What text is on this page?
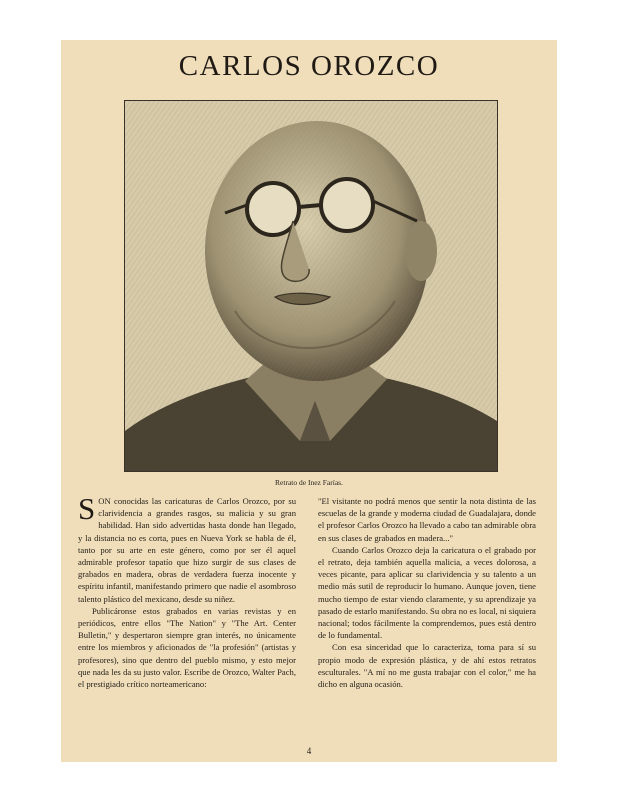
CARLOS OROZCO
Retrato de Inez Farías.

SON conocidas las caricaturas de Carlos Orozco, por su clarividencia a grandes rasgos, su malicia y su gran habilidad. Han sido advertidas hasta donde han llegado, y la distancia no es corta, pues en Nueva York se habla de él, tanto por su arte en este género, como por ser él aquel admirable profesor tapatío que hizo surgir de sus clases de grabados en madera, obras de verdadera fuerza inocente y espíritu infantil, manifestando primero que nadie el asombroso talento plástico del mexicano, desde su niñez.

Publicáronse estos grabados en varias revistas y en periódicos, entre ellos "The Nation" y "The Art. Center Bulletin," y despertaron siempre gran interés, no únicamente entre los miembros y aficionados de "la profesión" (artistas y profesores), sino que dentro del pueblo mismo, y esto mejor que nada les da su justo valor. Escribe de Orozco, Walter Pach, el prestigiado crítico norteamericano:

"El visitante no podrá menos que sentir la nota distinta de las escuelas de la grande y moderna ciudad de Guadalajara, donde el profesor Carlos Orozco ha llevado a cabo tan admirable obra en sus clases de grabados en madera..."

Cuando Carlos Orozco deja la caricatura o el grabado por el retrato, deja también aquella malicia, a veces dolorosa, a veces picante, para aplicar su clarividencia y su talento a un medio más sutil de reproducir lo humano. Aunque joven, tiene mucho tiempo de estar viendo claramente, y su aprendizaje ya pasado de estarlo manifestando. Su obra no es local, ni siquiera nacional; todos fácilmente la comprendemos, pues está dentro de lo fundamental.

Con esa sinceridad que lo caracteriza, toma para sí su propio modo de expresión plástica, y de ahí estos retratos esculturales. "A mí no me gusta trabajar con el color," me ha dicho en alguna ocasión.

4
